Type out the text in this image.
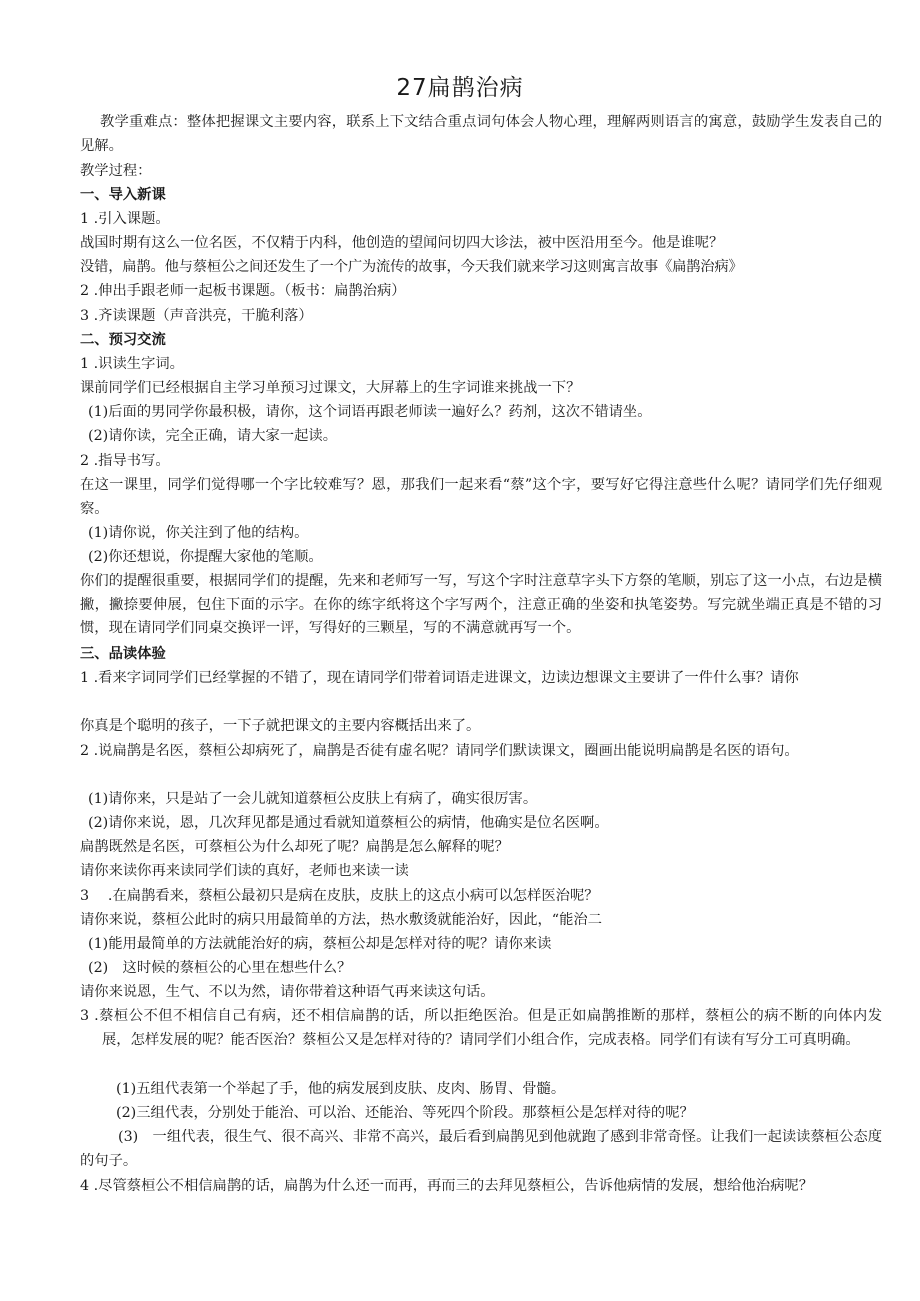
27扁鹊治病
教学重难点：整体把握课文主要内容，联系上下文结合重点词句体会人物心理，理解两则语言的寓意，鼓励学生发表自己的见解。
教学过程：
一、导入新课
1 .引入课题。
战国时期有这么一位名医，不仅精于内科，他创造的望闻问切四大诊法，被中医沿用至今。他是谁呢？
没错，扁鹊。他与蔡桓公之间还发生了一个广为流传的故事，今天我们就来学习这则寓言故事《扁鹊治病》
2 .伸出手跟老师一起板书课题。（板书：扁鹊治病）
3 .齐读课题（声音洪亮，干脆利落）
二、预习交流
1 .识读生字词。
课前同学们已经根据自主学习单预习过课文，大屏幕上的生字词谁来挑战一下？
(1)后面的男同学你最积极，请你，这个词语再跟老师读一遍好么？药剂，这次不错请坐。
(2)请你读，完全正确，请大家一起读。
2 .指导书写。
在这一课里，同学们觉得哪一个字比较难写？恩，那我们一起来看“蔡”这个字，要写好它得注意些什么呢？请同学们先仔细观察。
(1)请你说，你关注到了他的结构。
(2)你还想说，你提醒大家他的笔顺。
你们的提醒很重要，根据同学们的提醒，先来和老师写一写，写这个字时注意草字头下方祭的笔顺，别忘了这一小点，右边是横撇，撇捺要伸展，包住下面的示字。在你的练字纸将这个字写两个，注意正确的坐姿和执笔姿势。写完就坐端正真是不错的习惯，现在请同学们同桌交换评一评，写得好的三颗星，写的不满意就再写一个。
三、品读体验
1 .看来字词同学们已经掌握的不错了，现在请同学们带着词语走进课文，边读边想课文主要讲了一件什么事？请你
你真是个聪明的孩子，一下子就把课文的主要内容概括出来了。
2 .说扁鹊是名医，蔡桓公却病死了，扁鹊是否徒有虚名呢？请同学们默读课文，圈画出能说明扁鹊是名医的语句。
(1)请你来，只是站了一会儿就知道蔡桓公皮肤上有病了，确实很厉害。
(2)请你来说，恩，几次拜见都是通过看就知道蔡桓公的病情，他确实是位名医啊。
扁鹊既然是名医，可蔡桓公为什么却死了呢？扁鹊是怎么解释的呢？
请你来读你再来读同学们读的真好，老师也来读一读
3 　.在扁鹊看来，蔡桓公最初只是病在皮肤，皮肤上的这点小病可以怎样医治呢？
请你来说，蔡桓公此时的病只用最简单的方法，热水敷烫就能治好，因此，“能治二
(1)能用最简单的方法就能治好的病，蔡桓公却是怎样对待的呢？请你来读
(2)　这时候的蔡桓公的心里在想些什么？
请你来说恩，生气、不以为然，请你带着这种语气再来读这句话。
3 .蔡桓公不但不相信自己有病，还不相信扁鹊的话，所以拒绝医治。但是正如扁鹊推断的那样，蔡桓公的病不断的向体内发展，怎样发展的呢？能否医治？蔡桓公又是怎样对待的？请同学们小组合作，完成表格。同学们有读有写分工可真明确。
(1)五组代表第一个举起了手，他的病发展到皮肤、皮肉、肠胃、骨髓。
(2)三组代表，分别处于能治、可以治、还能治、等死四个阶段。那蔡桓公是怎样对待的呢？
(3)　一组代表，很生气、很不高兴、非常不高兴，最后看到扁鹊见到他就跑了感到非常奇怪。让我们一起读读蔡桓公态度的句子。
4 .尽管蔡桓公不相信扁鹊的话，扁鹊为什么还一而再，再而三的去拜见蔡桓公，告诉他病情的发展，想给他治病呢？
